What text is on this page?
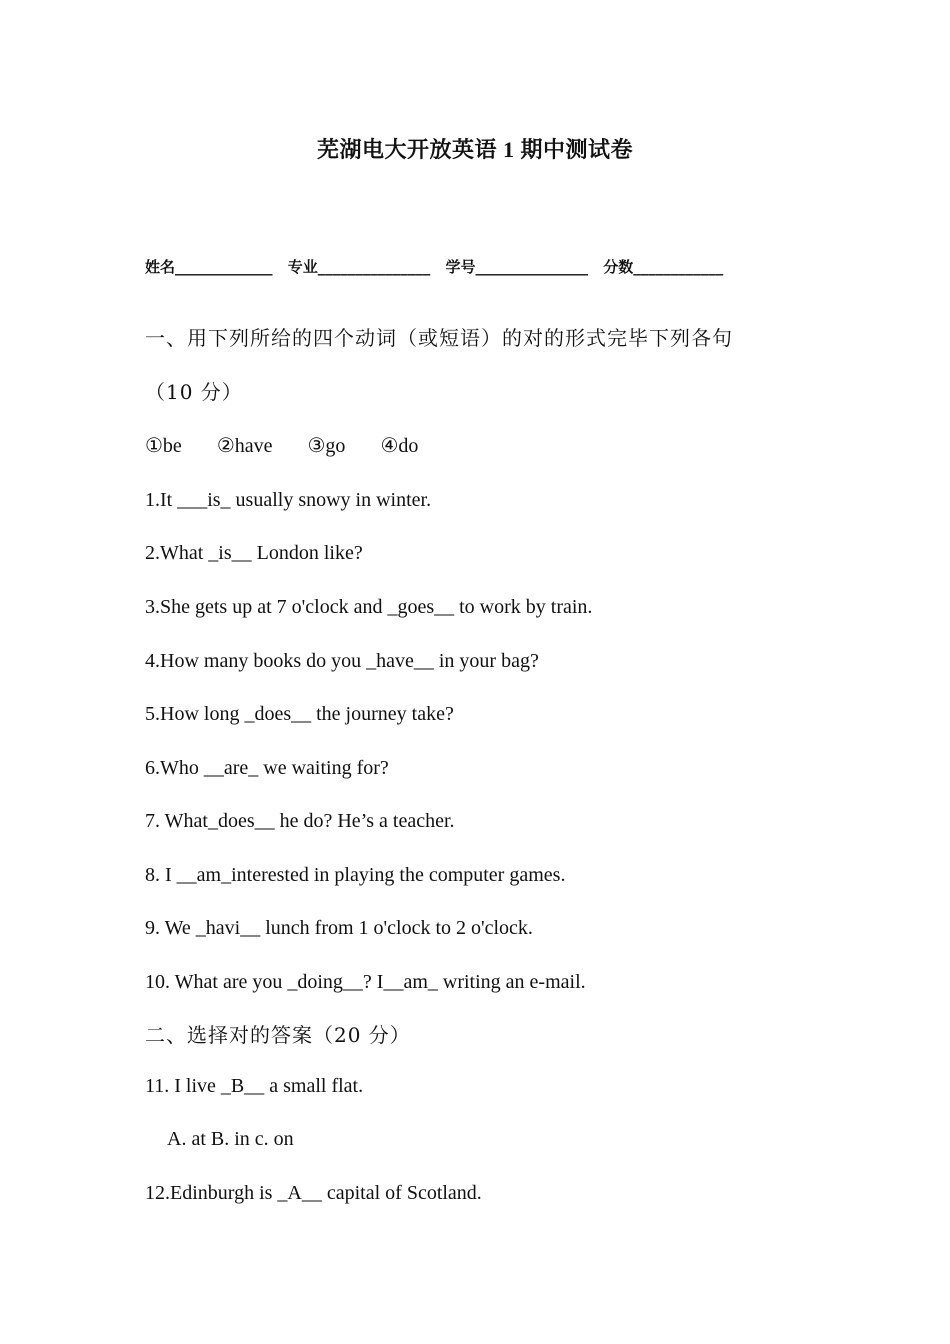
芜湖电大开放英语 1 期中测试卷
姓名_____________ 专业_______________ 学号_______________ 分数____________
一、用下列所给的四个动词（或短语）的对的形式完毕下列各句
（10 分）
①be ②have ③go ④do
1.It ___is_ usually snowy in winter.
2.What _is__ London like?
3.She gets up at 7 o'clock and _goes__ to work by train.
4.How many books do you _have__ in your bag?
5.How long _does__ the journey take?
6.Who __are_ we waiting for?
7. What_does__ he do? He’s a teacher.
8. I __am_interested in playing the computer games.
9. We _havi__ lunch from 1 o'clock to 2 o'clock.
10. What are you _doing__? I__am_ writing an e-mail.
二、选择对的答案（20 分）
11. I live _B__ a small flat.
A. at B. in c. on
12.Edinburgh is _A__ capital of Scotland.
